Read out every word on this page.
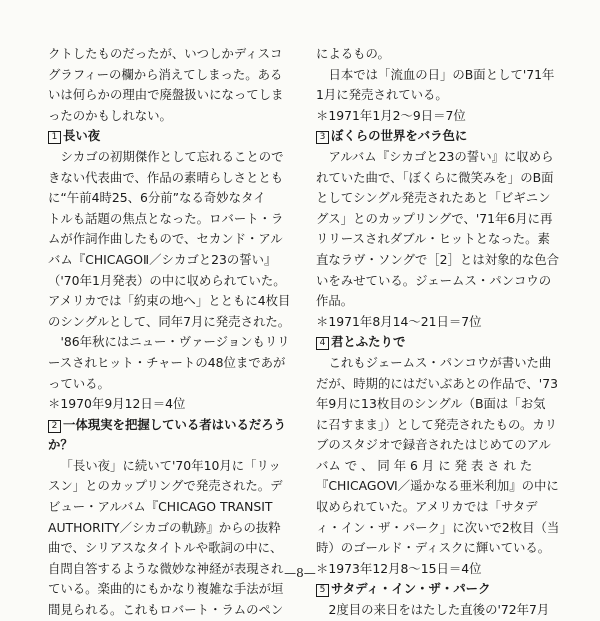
クトしたものだったが、いつしかディスコ
グラフィーの欄から消えてしまった。ある
いは何らかの理由で廃盤扱いになってしま
ったのかもしれない。
1 長い夜
シカゴの初期傑作として忘れることので
きない代表曲で、作品の素晴らしさととも
に“午前4時25、6分前”なる奇妙なタイ
トルも話題の焦点となった。ロバート・ラ
ムが作詞作曲したもので、セカンド・アル
バム『CHICAGOⅡ／シカゴと23の誓い』
（'70年1月発表）の中に収められていた。
アメリカでは「約束の地へ」とともに4枚目
のシングルとして、同年7月に発売された。
'86年秋にはニュー・ヴァージョンもリリ
ースされヒット・チャートの48位まであが
っている。
＊1970年9月12日＝4位
2 一体現実を把握している者はいるだろう
か？
「長い夜」に続いて'70年10月に「リッ
スン」とのカップリングで発売された。デ
ビュー・アルバム『CHICAGO TRANSIT
AUTHORITY／シカゴの軌跡』からの抜粋
曲で、シリアスなタイトルや歌詞の中に、
自問自答するような微妙な神経が表現され
ている。楽曲的にもかなり複雑な手法が垣
間見られる。これもロバート・ラムのペン
によるもの。
日本では「流血の日」のB面として'71年
1月に発売されている。
＊1971年1月2〜9日＝7位
3 ぼくらの世界をバラ色に
アルバム『シカゴと23の誓い』に収めら
れていた曲で、「ぼくらに微笑みを」のB面
としてシングル発売されたあと「ビギニン
グス」とのカップリングで、'71年6月に再
リリースされダブル・ヒットとなった。素
直なラヴ・ソングで［2］とは対象的な色合
いをみせている。ジェームス・パンコウの
作品。
＊1971年8月14〜21日＝7位
4 君とふたりで
これもジェームス・パンコウが書いた曲
だが、時期的にはだいぶあとの作品で、'73
年9月に13枚目のシングル（B面は「お気
に召すまま」）として発売されたもの。カリ
ブのスタジオで録音されたはじめてのアル
バム で 、 同 年 6 月 に 発 表 さ れ た
『CHICAGOⅥ／遥かなる亜米利加』の中に
収められていた。アメリカでは「サタデ
ィ・イン・ザ・パーク」に次いで2枚目（当
時）のゴールド・ディスクに輝いている。
＊1973年12月8〜15日＝4位
5 サタディ・イン・ザ・パーク
2度目の来日をはたした直後の'72年7月
—8—
